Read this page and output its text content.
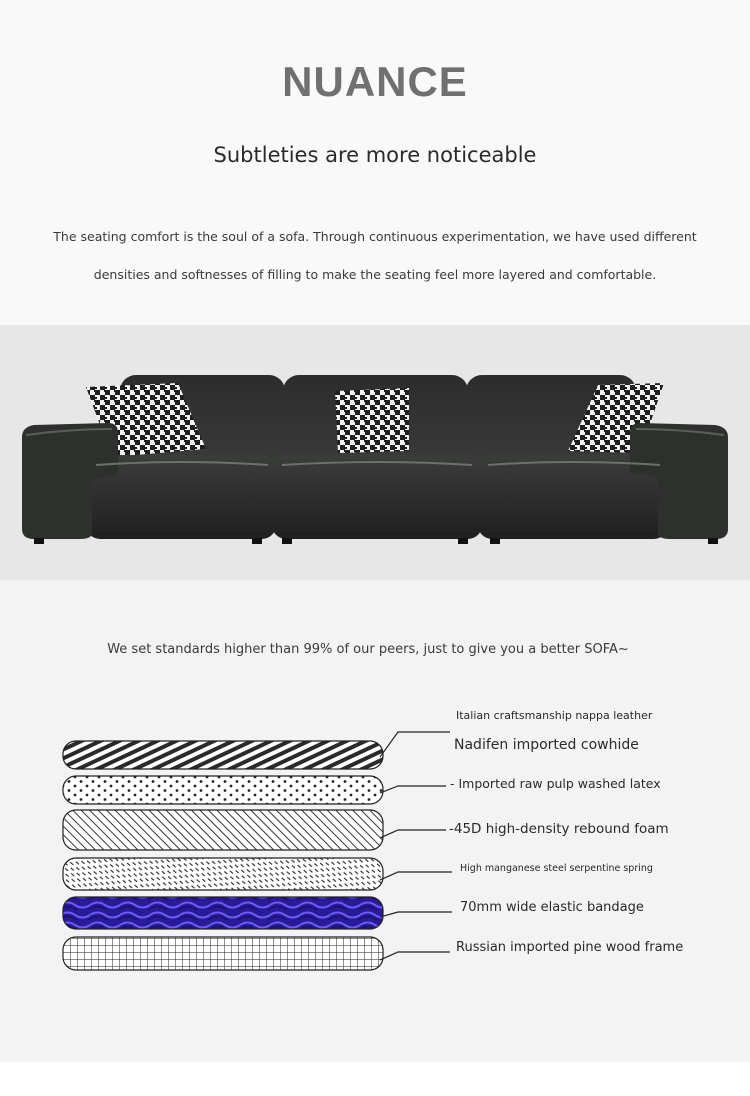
NUANCE
Subtleties are more noticeable
The seating comfort is the soul of a sofa. Through continuous experimentation, we have used different
densities and softnesses of filling to make the seating feel more layered and comfortable.
We set standards higher than 99% of our peers, just to give you a better SOFA~
Italian craftsmanship nappa leather
Nadifen imported cowhide
- Imported raw pulp washed latex
-45D high-density rebound foam
High manganese steel serpentine spring
70mm wide elastic bandage
Russian imported pine wood frame
